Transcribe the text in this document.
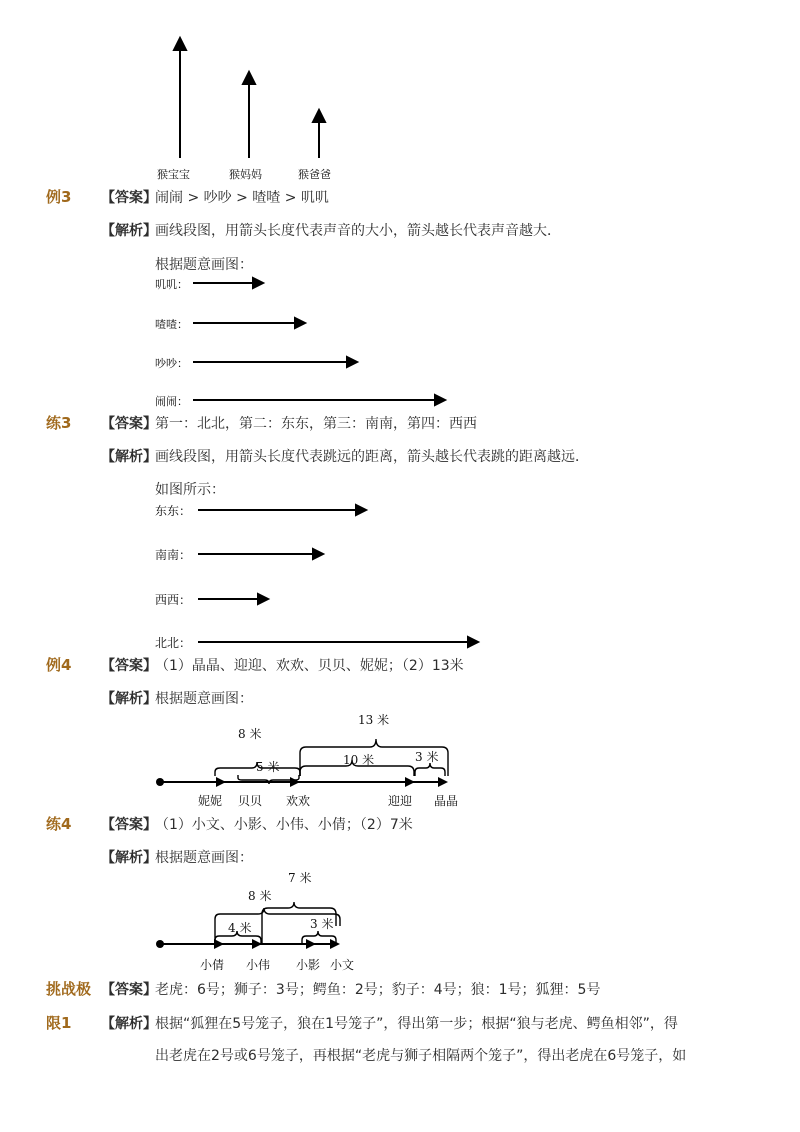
猴宝宝	猴妈妈	猴爸爸
例3 【答案】
闹闹 > 吵吵 > 喳喳 > 叽叽
【解析】
画线段图，用箭头长度代表声音的大小，箭头越长代表声音越大．
根据题意画图：
叽叽：
喳喳：
吵吵：
闹闹：
练3 【答案】
第一：北北，第二：东东，第三：南南，第四：西西
【解析】
画线段图，用箭头长度代表跳远的距离，箭头越长代表跳的距离越远．
如图所示：
东东：
南南：
西西：
北北：
例4 【答案】
（1）晶晶、迎迎、欢欢、贝贝、妮妮；（2）13米
【解析】
根据题意画图：
8 米
5 米
13 米
10 米	3 米
妮妮 贝贝 欢欢	迎迎 晶晶
练4 【答案】
（1）小文、小影、小伟、小倩；（2）7米
【解析】
根据题意画图：
8 米
4 米
7 米
3 米
小倩 小伟 小影 小文
挑战极 【答案】
老虎：6号；狮子：3号；鳄鱼：2号；豹子：4号；狼：1号；狐狸：5号
限1 【解析】
根据“狐狸在5号笼子，狼在1号笼子”，得出第一步；根据“狼与老虎、鳄鱼相邻”，得
出老虎在2号或6号笼子，再根据“老虎与狮子相隔两个笼子”，得出老虎在6号笼子，如
